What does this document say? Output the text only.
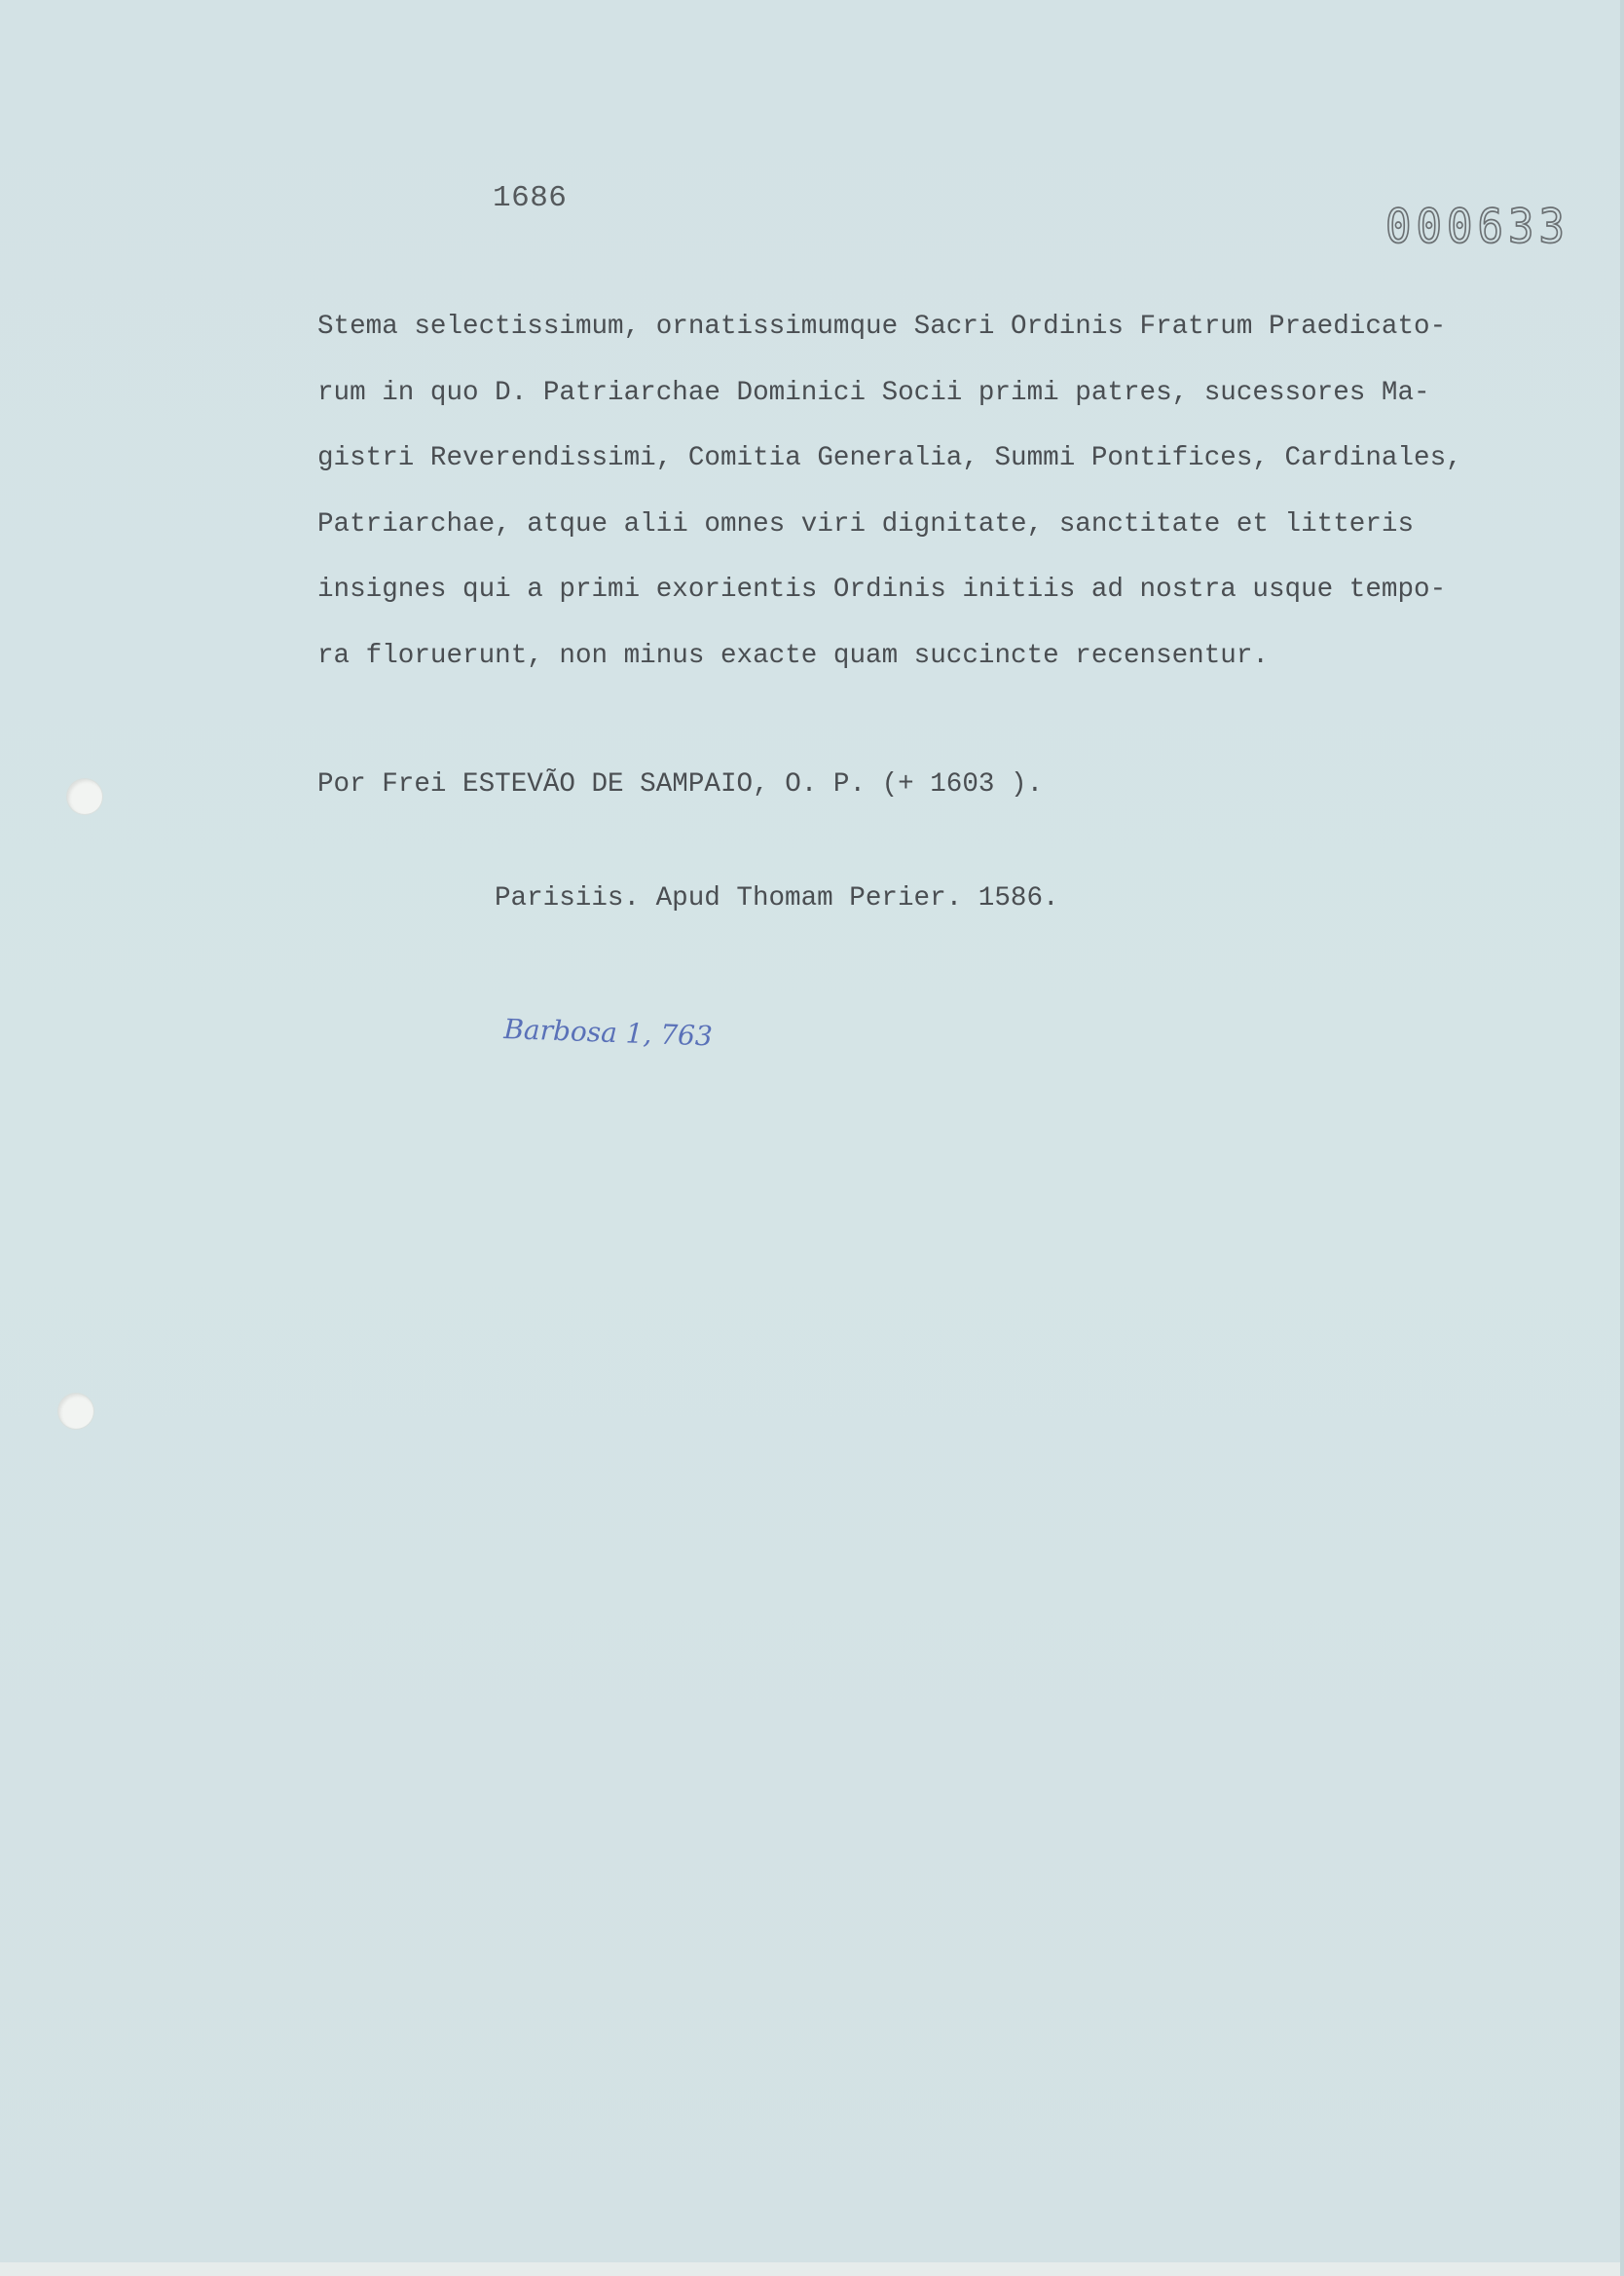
1686
000633
Stema selectissimum, ornatissimumque Sacri Ordinis Fratrum Praedicato-
rum in quo D. Patriarchae Dominici Socii primi patres, sucessores Ma-
gistri Reverendissimi, Comitia Generalia, Summi Pontifices, Cardinales,
Patriarchae, atque alii omnes viri dignitate, sanctitate et litteris
insignes qui a primi exorientis Ordinis initiis ad nostra usque tempo-
ra floruerunt, non minus exacte quam succincte recensentur.
Por Frei ESTEVÃO DE SAMPAIO, O. P. (+ 1603 ).
Parisiis. Apud Thomam Perier. 1586.
Barbosa 1, 763
